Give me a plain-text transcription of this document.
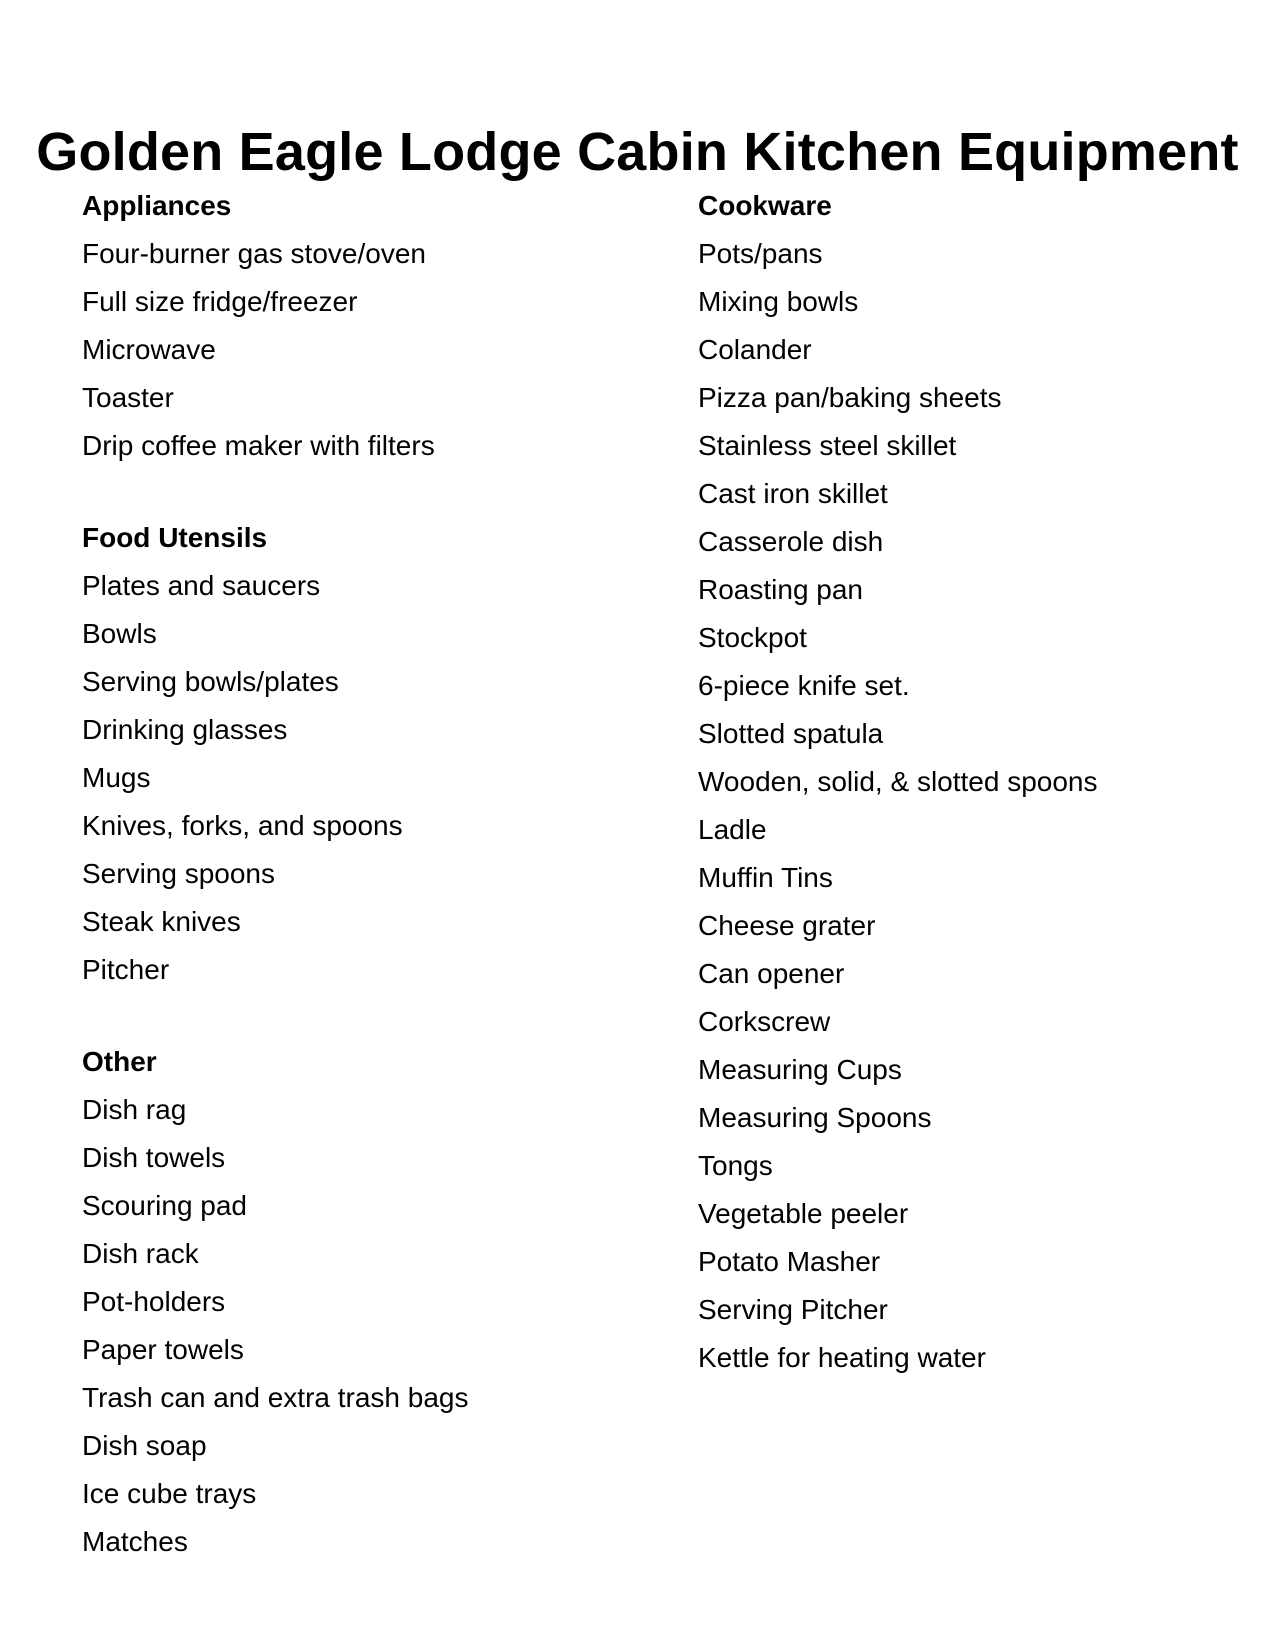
Golden Eagle Lodge Cabin Kitchen Equipment
Appliances
Four-burner gas stove/oven
Full size fridge/freezer
Microwave
Toaster
Drip coffee maker with filters
Food Utensils
Plates and saucers
Bowls
Serving bowls/plates
Drinking glasses
Mugs
Knives, forks, and spoons
Serving spoons
Steak knives
Pitcher
Other
Dish rag
Dish towels
Scouring pad
Dish rack
Pot-holders
Paper towels
Trash can and extra trash bags
Dish soap
Ice cube trays
Matches
Cookware
Pots/pans
Mixing bowls
Colander
Pizza pan/baking sheets
Stainless steel skillet
Cast iron skillet
Casserole dish
Roasting pan
Stockpot
6-piece knife set.
Slotted spatula
Wooden, solid, & slotted spoons
Ladle
Muffin Tins
Cheese grater
Can opener
Corkscrew
Measuring Cups
Measuring Spoons
Tongs
Vegetable peeler
Potato Masher
Serving Pitcher
Kettle for heating water
